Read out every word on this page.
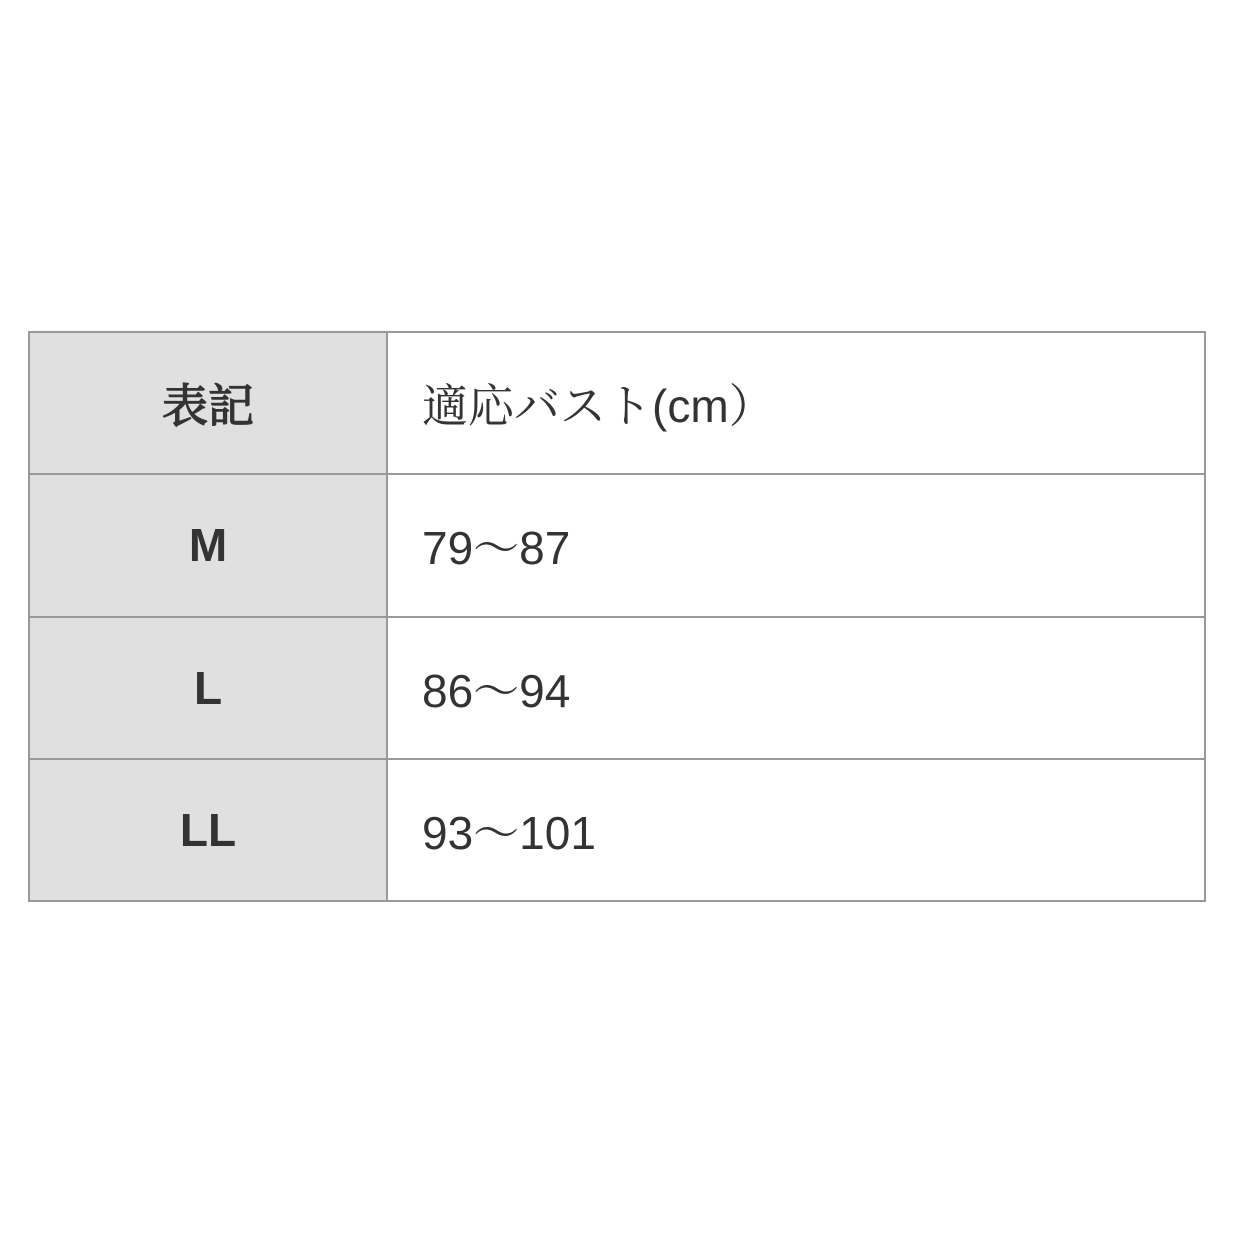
表記	適応バスト(cm）
M	79〜87
L	86〜94
LL	93〜101
